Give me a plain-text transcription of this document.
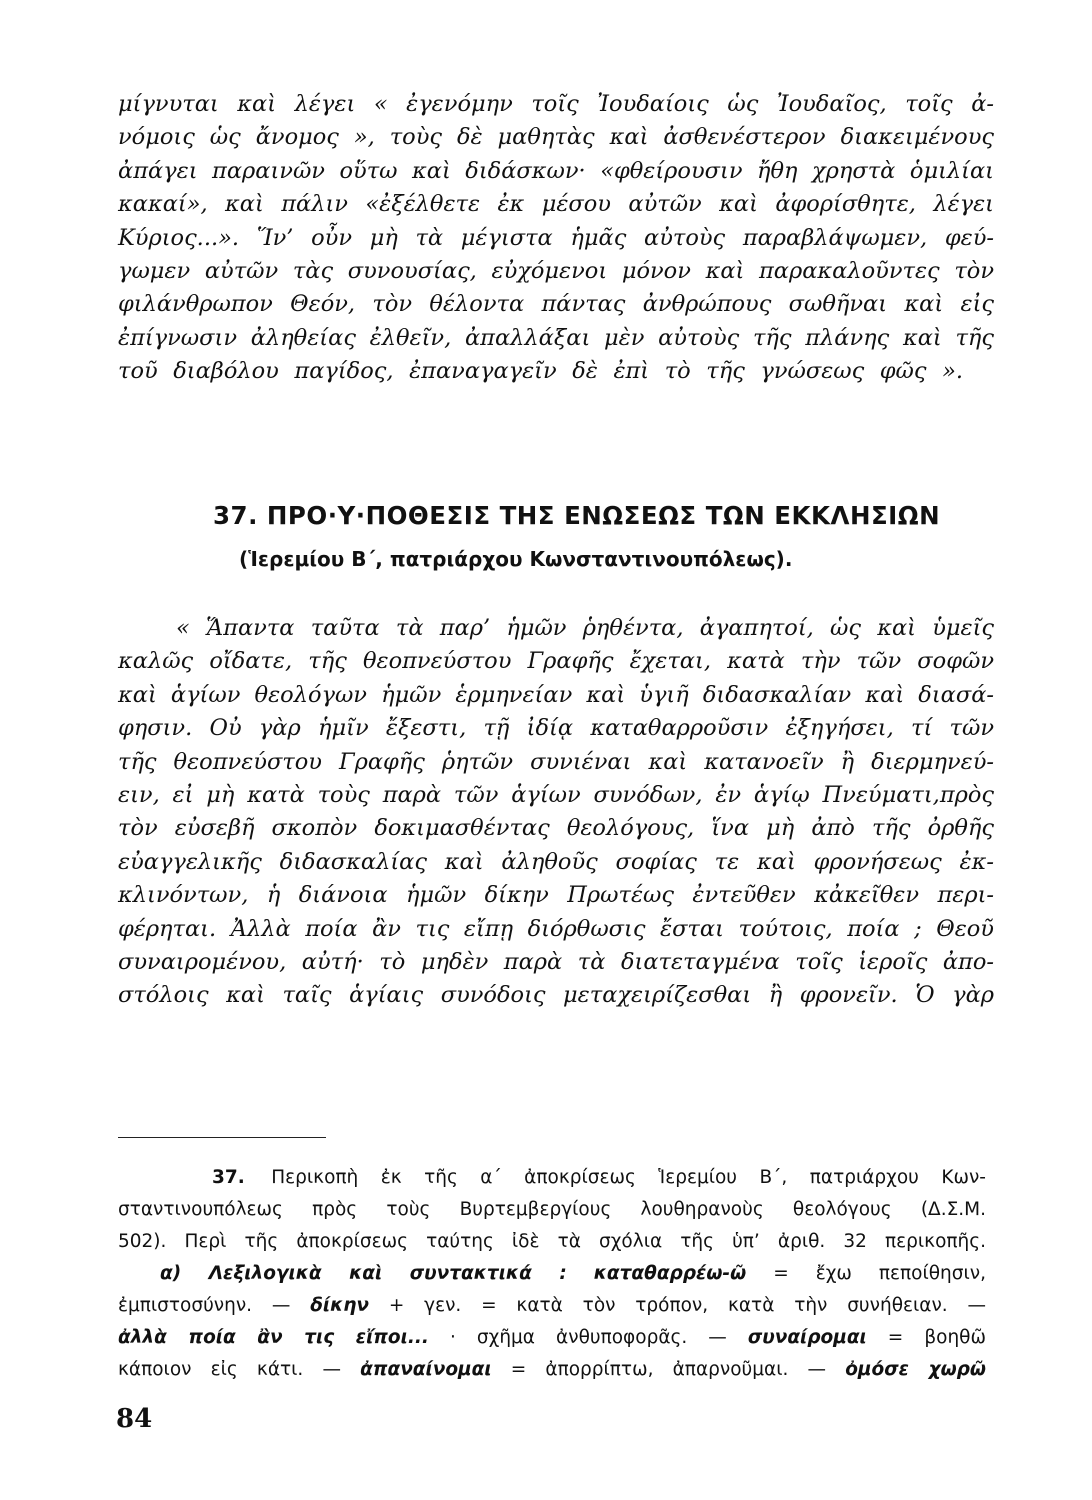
μίγνυται καὶ λέγει « ἐγενόμην τοῖς Ἰουδαίοις ὡς Ἰουδαῖος, τοῖς ἀ-
νόμοις ὡς ἄνομος », τοὺς δὲ μαθητὰς καὶ ἀσθενέστερον διακειμένους
ἀπάγει παραινῶν οὕτω καὶ διδάσκων· «φθείρουσιν ἤθη χρηστὰ ὁμιλίαι
κακαί», καὶ πάλιν «ἐξέλθετε ἐκ μέσου αὐτῶν καὶ ἀφορίσθητε, λέγει
Κύριος...». Ἵν’ οὖν μὴ τὰ μέγιστα ἡμᾶς αὐτοὺς παραβλάψωμεν, φεύ-
γωμεν αὐτῶν τὰς συνουσίας, εὐχόμενοι μόνον καὶ παρακαλοῦντες τὸν
φιλάνθρωπον Θεόν, τὸν θέλοντα πάντας ἀνθρώπους σωθῆναι καὶ εἰς
ἐπίγνωσιν ἀληθείας ἐλθεῖν, ἀπαλλάξαι μὲν αὐτοὺς τῆς πλάνης καὶ τῆς
τοῦ διαβόλου παγίδος, ἐπαναγαγεῖν δὲ ἐπὶ τὸ τῆς γνώσεως φῶς ».
37. ΠΡΟ·Υ·ΠΟΘΕΣΙΣ ΤΗΣ ΕΝΩΣΕΩΣ ΤΩΝ ΕΚΚΛΗΣΙΩΝ
(Ἱερεμίου Β΄, πατριάρχου Κωνσταντινουπόλεως).
« Ἅπαντα ταῦτα τὰ παρ’ ἡμῶν ῥηθέντα, ἀγαπητοί, ὡς καὶ ὑμεῖς
καλῶς οἴδατε, τῆς θεοπνεύστου Γραφῆς ἔχεται, κατὰ τὴν τῶν σοφῶν
καὶ ἁγίων θεολόγων ἡμῶν ἑρμηνείαν καὶ ὑγιῆ διδασκαλίαν καὶ διασά-
φησιν. Οὐ γὰρ ἡμῖν ἔξεστι, τῇ ἰδίᾳ καταθαρροῦσιν ἐξηγήσει, τί τῶν
τῆς θεοπνεύστου Γραφῆς ῥητῶν συνιέναι καὶ κατανοεῖν ἢ διερμηνεύ-
ειν, εἰ μὴ κατὰ τοὺς παρὰ τῶν ἁγίων συνόδων, ἐν ἁγίῳ Πνεύματι,πρὸς
τὸν εὐσεβῆ σκοπὸν δοκιμασθέντας θεολόγους, ἵνα μὴ ἀπὸ τῆς ὀρθῆς
εὐαγγελικῆς διδασκαλίας καὶ ἀληθοῦς σοφίας τε καὶ φρονήσεως ἐκ-
κλινόντων, ἡ διάνοια ἡμῶν δίκην Πρωτέως ἐντεῦθεν κἀκεῖθεν περι-
φέρηται. Ἀλλὰ ποία ἂν τις εἴπῃ διόρθωσις ἔσται τούτοις, ποία ; Θεοῦ
συναιρομένου, αὐτή· τὸ μηδὲν παρὰ τὰ διατεταγμένα τοῖς ἱεροῖς ἀπο-
στόλοις καὶ ταῖς ἁγίαις συνόδοις μεταχειρίζεσθαι ἢ φρονεῖν. Ὁ γὰρ
37. Περικοπὴ ἐκ τῆς α΄ ἀποκρίσεως Ἱερεμίου Β΄, πατριάρχου Κων-
σταντινουπόλεως πρὸς τοὺς Βυρτεμβεργίους λουθηρανοὺς θεολόγους (Δ.Σ.Μ.
502). Περὶ τῆς ἀποκρίσεως ταύτης ἰδὲ τὰ σχόλια τῆς ὑπ’ ἀριθ. 32 περικοπῆς.
α) Λεξιλογικὰ καὶ συντακτικά : καταθαρρέω-ῶ = ἔχω πεποίθησιν,
ἐμπιστοσύνην. — δίκην + γεν. = κατὰ τὸν τρόπον, κατὰ τὴν συνήθειαν. —
ἀλλὰ ποία ἂν τις εἴποι... · σχῆμα ἀνθυποφορᾶς. — συναίρομαι = βοηθῶ
κάποιον εἰς κάτι. — ἀπαναίνομαι = ἀπορρίπτω, ἀπαρνοῦμαι. — ὀμόσε χωρῶ
84
